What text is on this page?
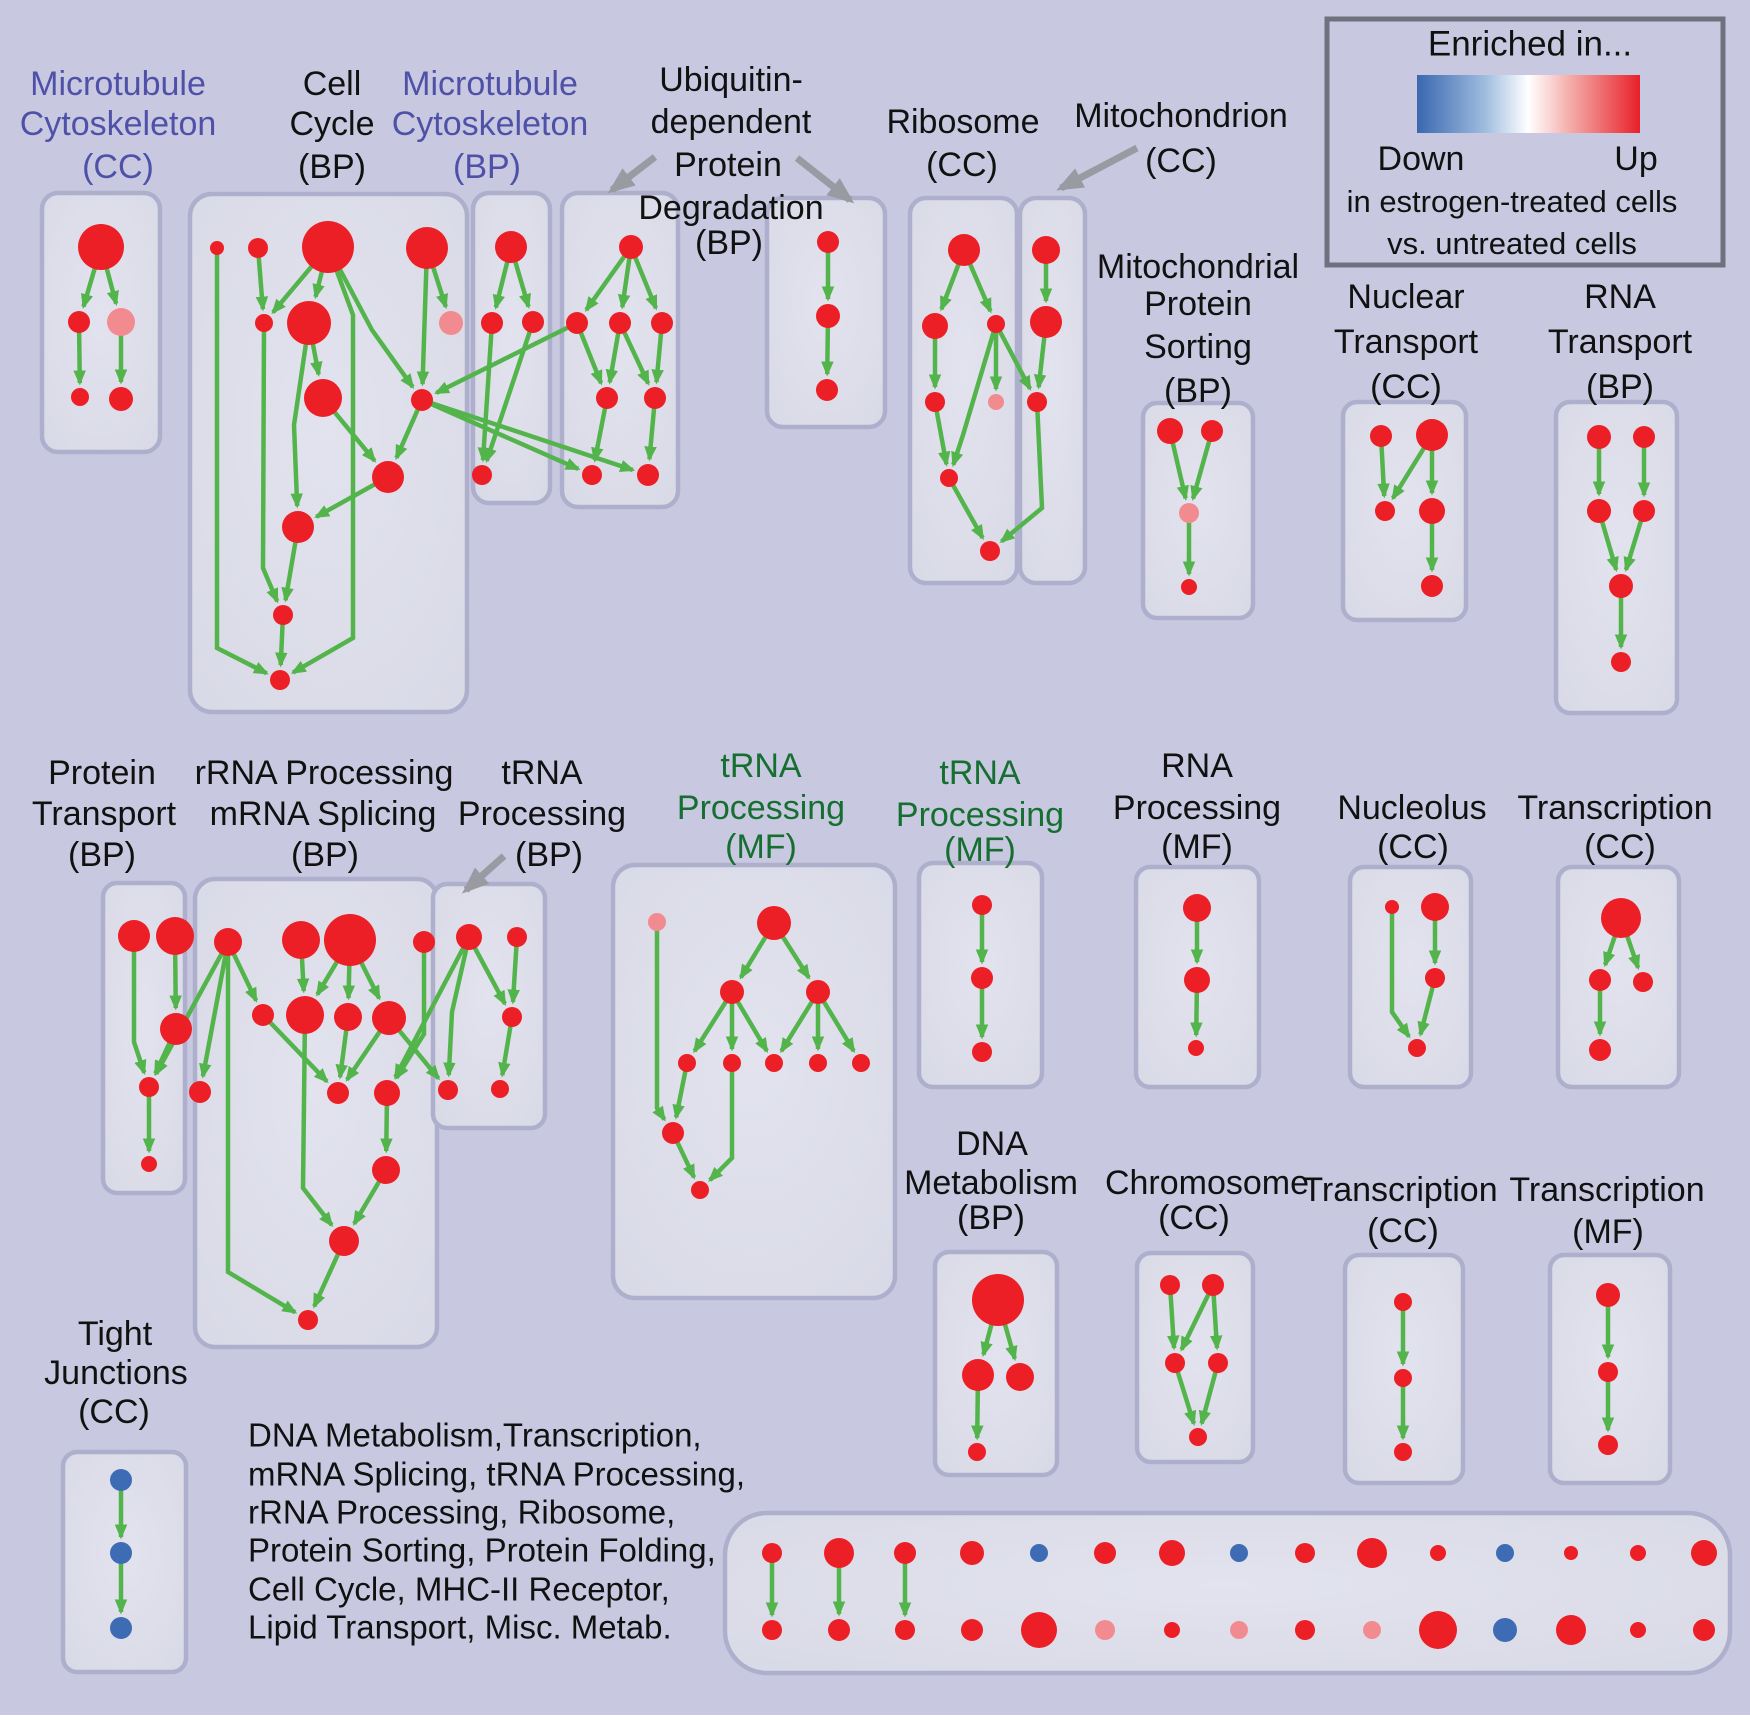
Microtubule
Cytoskeleton
(CC)
Cell
Cycle
(BP)
Microtubule
Cytoskeleton
(BP)
Ubiquitin-
dependent
Protein
Degradation
(BP)
Ribosome
(CC)
Mitochondrion
(CC)
Mitochondrial
Protein
Sorting
(BP)
Nuclear
Transport
(CC)
RNA
Transport
(BP)
Protein
Transport
(BP)
rRNA Processing
mRNA Splicing
(BP)
tRNA
Processing
(BP)
tRNA
Processing
(MF)
tRNA
Processing
(MF)
RNA
Processing
(MF)
Nucleolus
(CC)
Transcription
(CC)
DNA
Metabolism
(BP)
Chromosome
(CC)
Transcription
(CC)
Transcription
(MF)
Tight
Junctions
(CC)
DNA Metabolism,Transcription,
mRNA Splicing, tRNA Processing,
rRNA Processing, Ribosome,
Protein Sorting, Protein Folding,
Cell Cycle, MHC-II Receptor,
Lipid Transport, Misc. Metab.
Enriched in...
Down	Up
in estrogen-treated cells
vs. untreated cells
